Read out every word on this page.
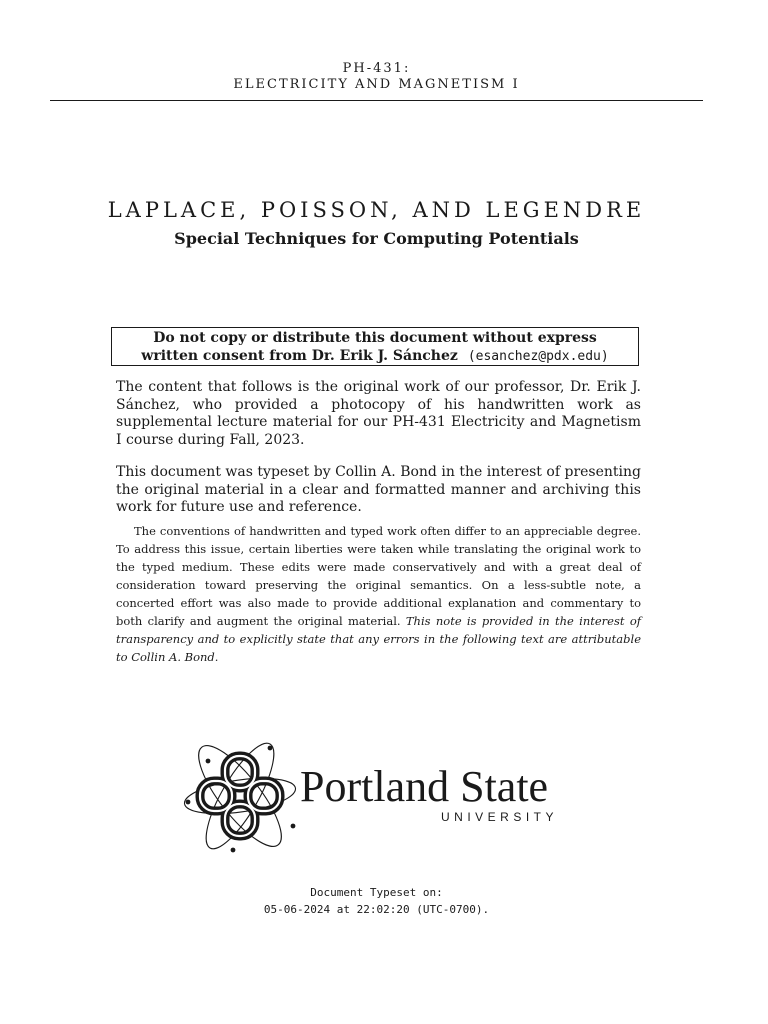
PH-431:
ELECTRICITY AND MAGNETISM I
LAPLACE, POISSON, AND LEGENDRE
Special Techniques for Computing Potentials
Do not copy or distribute this document without express
written consent from Dr. Erik J. Sánchez (esanchez@pdx.edu)
The content that follows is the original work of our professor, Dr. Erik J. Sánchez, who provided a photocopy of his handwritten work as supplemental lecture material for our PH-431 Electricity and Magnetism I course during Fall, 2023.
This document was typeset by Collin A. Bond in the interest of presenting the original material in a clear and formatted manner and archiving this work for future use and reference.
The conventions of handwritten and typed work often differ to an appreciable degree. To address this issue, certain liberties were taken while translating the original work to the typed medium. These edits were made conservatively and with a great deal of consideration toward preserving the original semantics. On a less-subtle note, a concerted effort was also made to provide additional explanation and commentary to both clarify and augment the original material. This note is provided in the interest of transparency and to explicitly state that any errors in the following text are attributable to Collin A. Bond.
Portland State
UNIVERSITY
Document Typeset on:
05-06-2024 at 22:02:20 (UTC-0700).
